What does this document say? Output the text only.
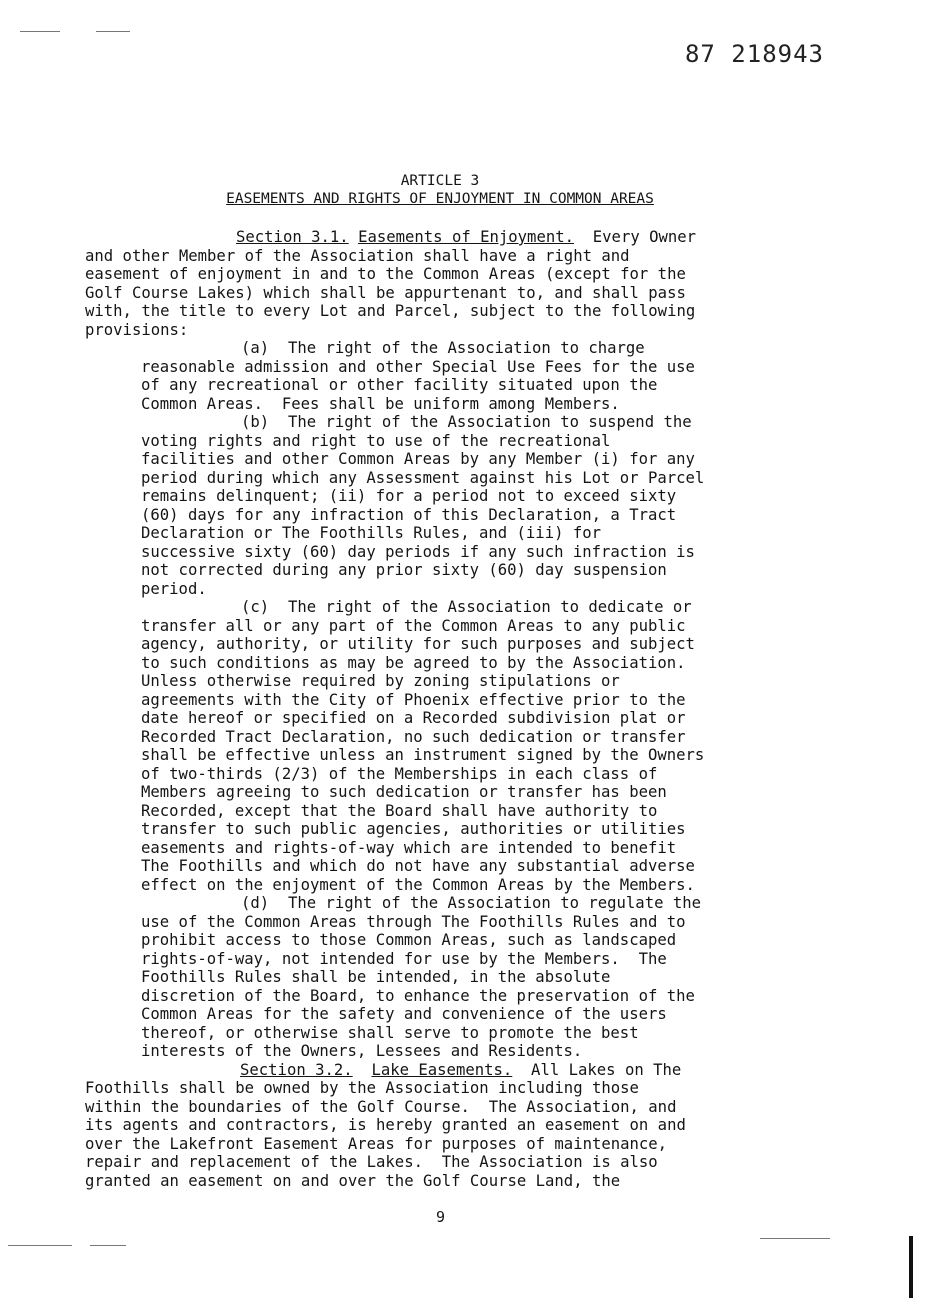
87 218943
ARTICLE 3
EASEMENTS AND RIGHTS OF ENJOYMENT IN COMMON AREAS
Section 3.1. Easements of Enjoyment.  Every Owner
and other Member of the Association shall have a right and
easement of enjoyment in and to the Common Areas (except for the
Golf Course Lakes) which shall be appurtenant to, and shall pass
with, the title to every Lot and Parcel, subject to the following
provisions:
(a)  The right of the Association to charge
reasonable admission and other Special Use Fees for the use
of any recreational or other facility situated upon the
Common Areas.  Fees shall be uniform among Members.
(b)  The right of the Association to suspend the
voting rights and right to use of the recreational
facilities and other Common Areas by any Member (i) for any
period during which any Assessment against his Lot or Parcel
remains delinquent; (ii) for a period not to exceed sixty
(60) days for any infraction of this Declaration, a Tract
Declaration or The Foothills Rules, and (iii) for
successive sixty (60) day periods if any such infraction is
not corrected during any prior sixty (60) day suspension
period.
(c)  The right of the Association to dedicate or
transfer all or any part of the Common Areas to any public
agency, authority, or utility for such purposes and subject
to such conditions as may be agreed to by the Association.
Unless otherwise required by zoning stipulations or
agreements with the City of Phoenix effective prior to the
date hereof or specified on a Recorded subdivision plat or
Recorded Tract Declaration, no such dedication or transfer
shall be effective unless an instrument signed by the Owners
of two-thirds (2/3) of the Memberships in each class of
Members agreeing to such dedication or transfer has been
Recorded, except that the Board shall have authority to
transfer to such public agencies, authorities or utilities
easements and rights-of-way which are intended to benefit
The Foothills and which do not have any substantial adverse
effect on the enjoyment of the Common Areas by the Members.
(d)  The right of the Association to regulate the
use of the Common Areas through The Foothills Rules and to
prohibit access to those Common Areas, such as landscaped
rights-of-way, not intended for use by the Members.  The
Foothills Rules shall be intended, in the absolute
discretion of the Board, to enhance the preservation of the
Common Areas for the safety and convenience of the users
thereof, or otherwise shall serve to promote the best
interests of the Owners, Lessees and Residents.
Section 3.2. Lake Easements.  All Lakes on The
Foothills shall be owned by the Association including those
within the boundaries of the Golf Course.  The Association, and
its agents and contractors, is hereby granted an easement on and
over the Lakefront Easement Areas for purposes of maintenance,
repair and replacement of the Lakes.  The Association is also
granted an easement on and over the Golf Course Land, the
9
